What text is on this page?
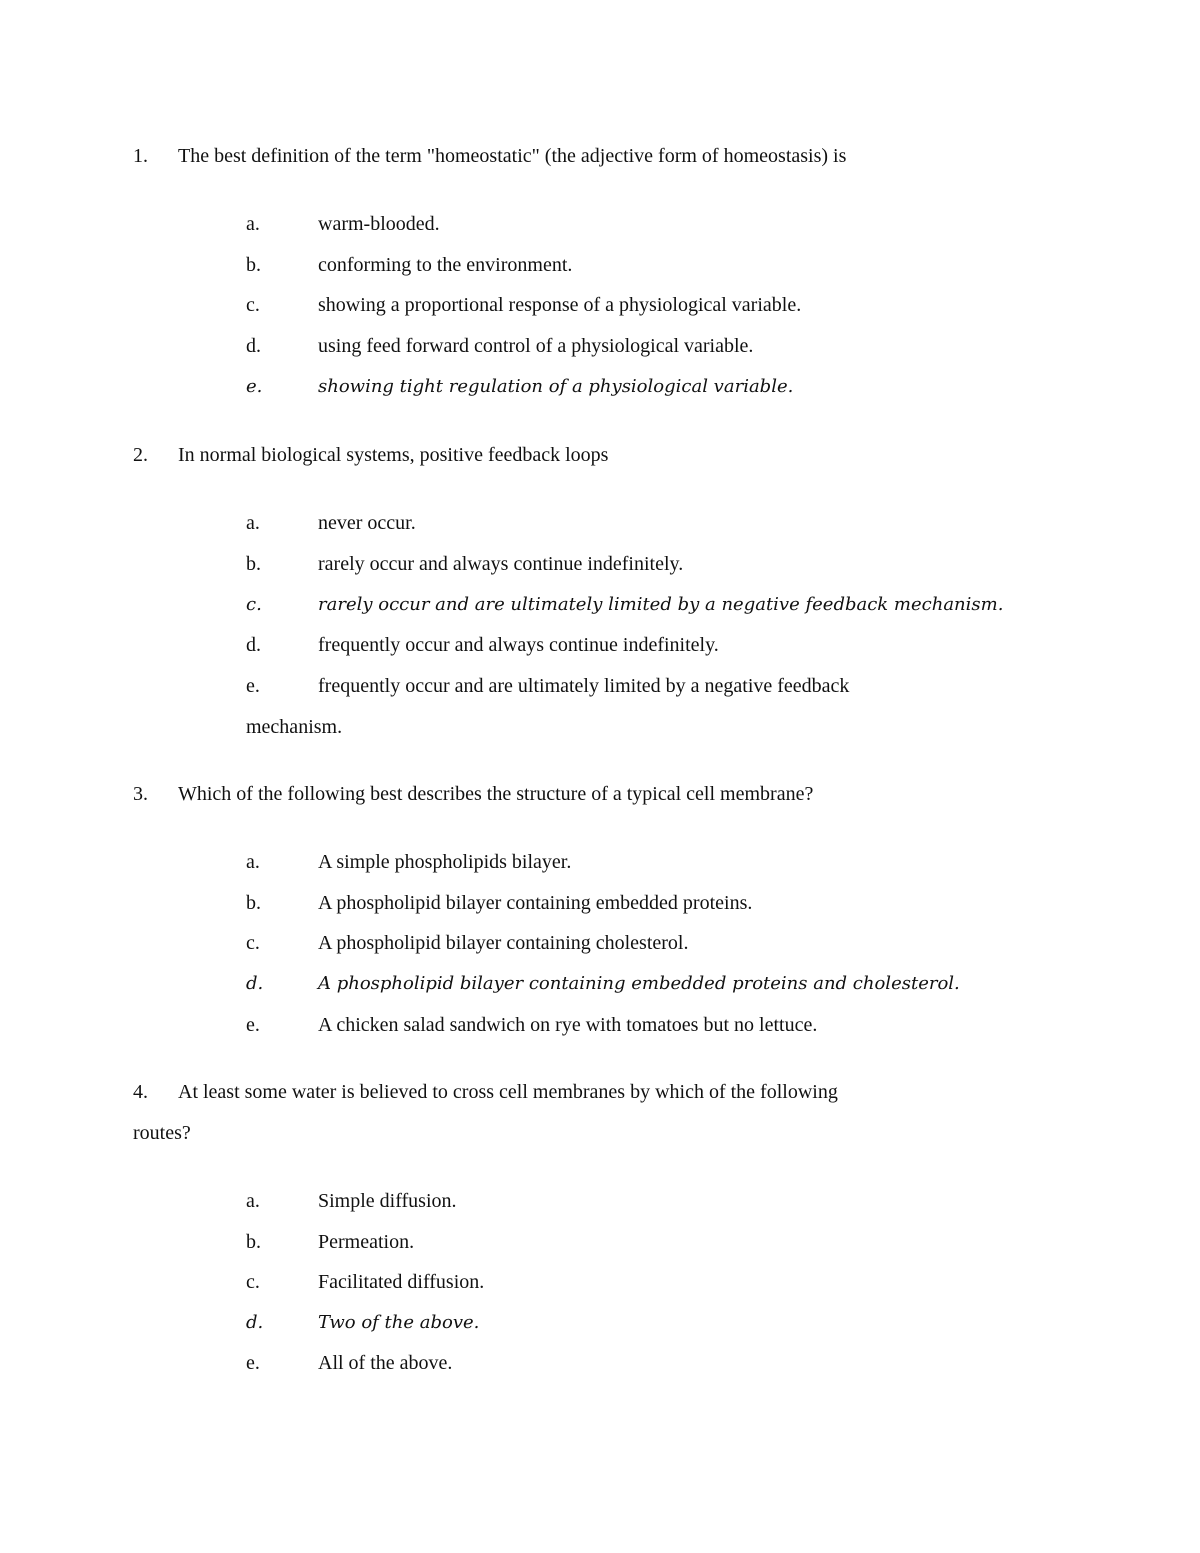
1. The best definition of the term "homeostatic" (the adjective form of homeostasis) is
a.	warm-blooded.
b.	conforming to the environment.
c.	showing a proportional response of a physiological variable.
d.	using feed forward control of a physiological variable.
e.	showing tight regulation of a physiological variable.
2. In normal biological systems, positive feedback loops
a.	never occur.
b.	rarely occur and always continue indefinitely.
c.	rarely occur and are ultimately limited by a negative feedback mechanism.
d.	frequently occur and always continue indefinitely.
e.	frequently occur and are ultimately limited by a negative feedback
mechanism.
3. Which of the following best describes the structure of a typical cell membrane?
a.	A simple phospholipids bilayer.
b.	A phospholipid bilayer containing embedded proteins.
c.	A phospholipid bilayer containing cholesterol.
d.	A phospholipid bilayer containing embedded proteins and cholesterol.
e.	A chicken salad sandwich on rye with tomatoes but no lettuce.
4. At least some water is believed to cross cell membranes by which of the following
routes?
a.	Simple diffusion.
b.	Permeation.
c.	Facilitated diffusion.
d.	Two of the above.
e.	All of the above.
